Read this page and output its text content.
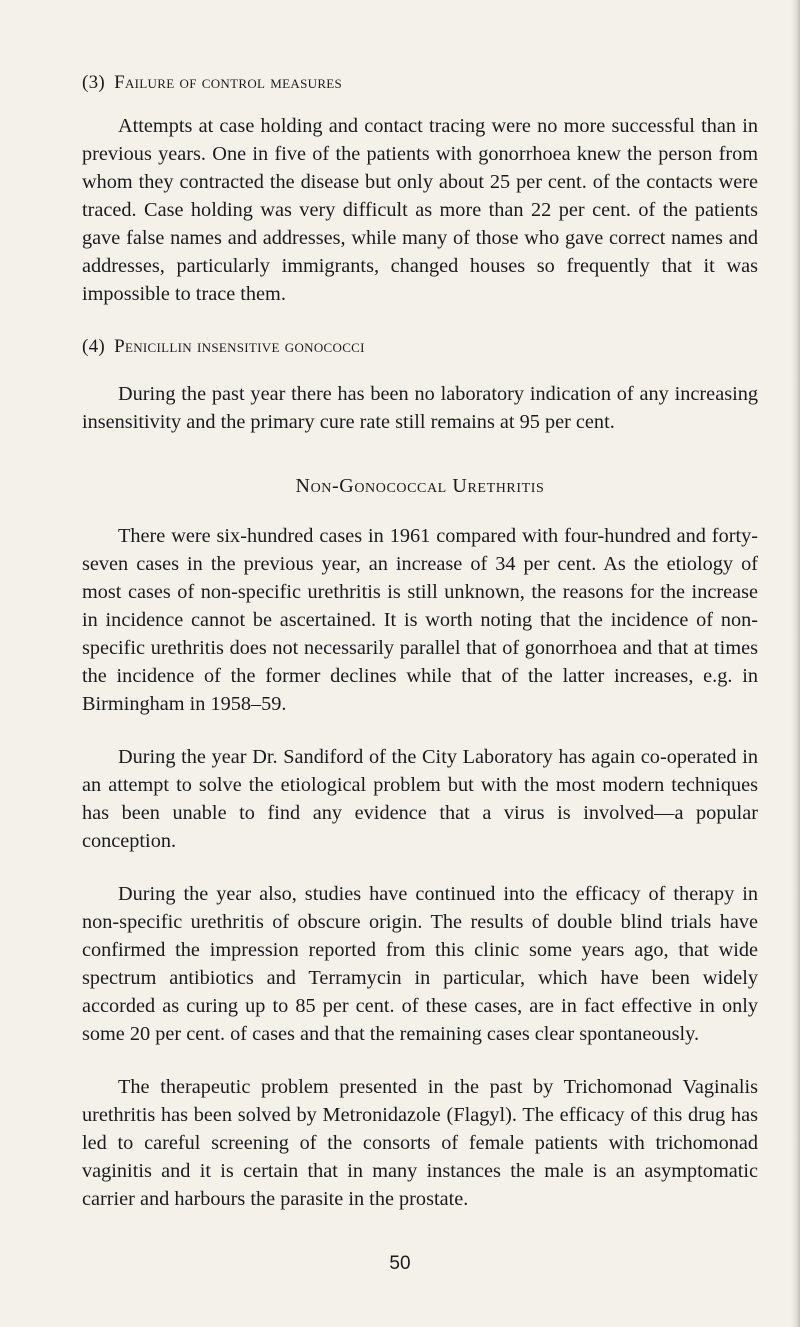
(3) Failure of control measures

Attempts at case holding and contact tracing were no more successful than in previous years. One in five of the patients with gonorrhoea knew the person from whom they contracted the disease but only about 25 per cent. of the contacts were traced. Case holding was very difficult as more than 22 per cent. of the patients gave false names and addresses, while many of those who gave correct names and addresses, particularly immigrants, changed houses so frequently that it was impossible to trace them.

(4) Penicillin insensitive gonococci

During the past year there has been no laboratory indication of any increasing insensitivity and the primary cure rate still remains at 95 per cent.

Non-Gonococcal Urethritis

There were six-hundred cases in 1961 compared with four-hundred and forty-seven cases in the previous year, an increase of 34 per cent. As the etiology of most cases of non-specific urethritis is still unknown, the reasons for the increase in incidence cannot be ascertained. It is worth noting that the incidence of non-specific urethritis does not necessarily parallel that of gonorrhoea and that at times the incidence of the former declines while that of the latter increases, e.g. in Birmingham in 1958–59.

During the year Dr. Sandiford of the City Laboratory has again co-operated in an attempt to solve the etiological problem but with the most modern techniques has been unable to find any evidence that a virus is involved—a popular conception.

During the year also, studies have continued into the efficacy of therapy in non-specific urethritis of obscure origin. The results of double blind trials have confirmed the impression reported from this clinic some years ago, that wide spectrum antibiotics and Terramycin in particular, which have been widely accorded as curing up to 85 per cent. of these cases, are in fact effective in only some 20 per cent. of cases and that the remaining cases clear spontaneously.

The therapeutic problem presented in the past by Trichomonad Vaginalis urethritis has been solved by Metronidazole (Flagyl). The efficacy of this drug has led to careful screening of the consorts of female patients with trichomonad vaginitis and it is certain that in many instances the male is an asymptomatic carrier and harbours the parasite in the prostate.

50
